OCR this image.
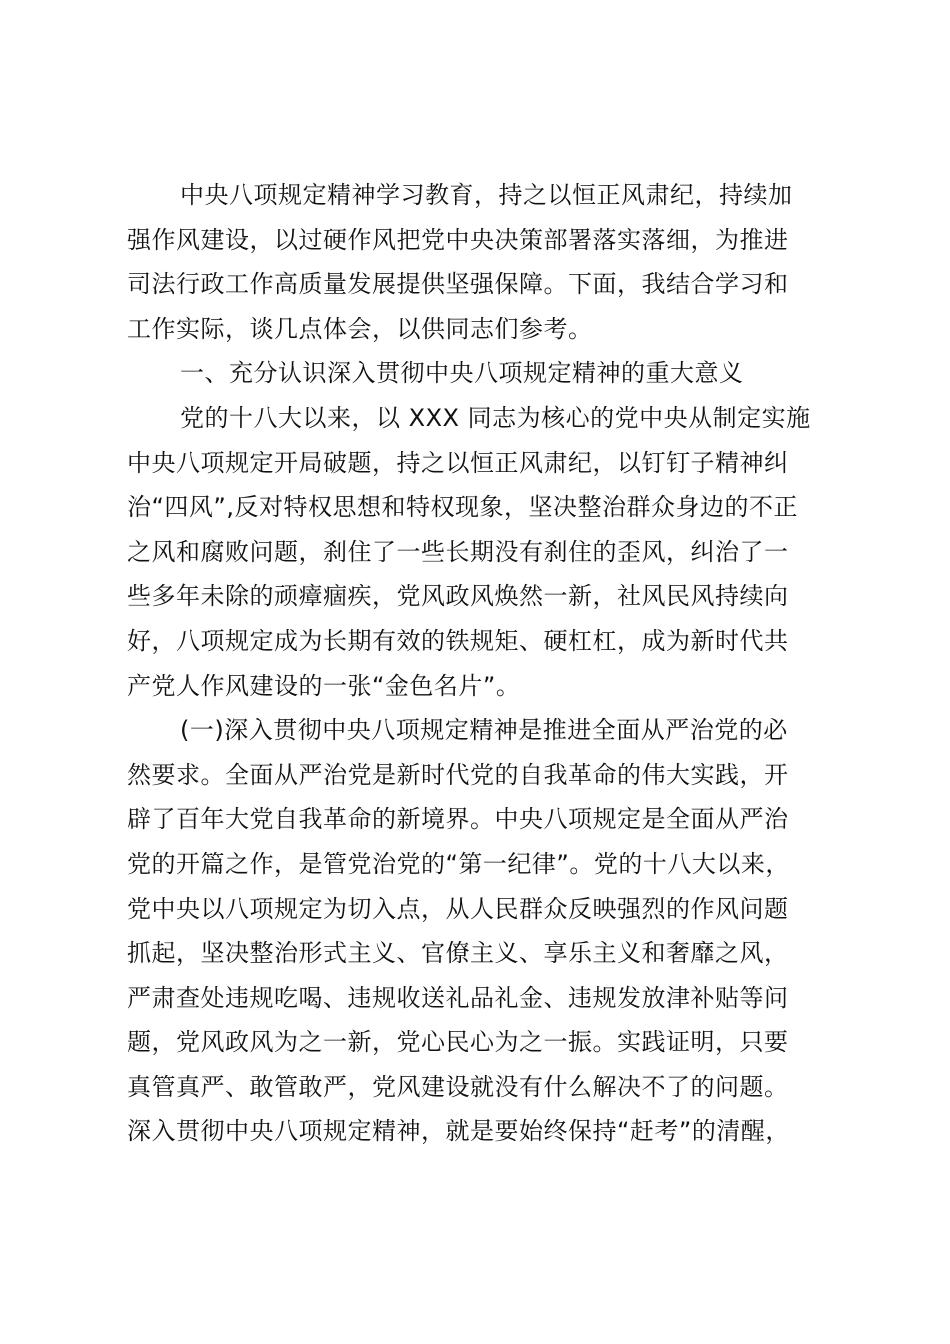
中央八项规定精神学习教育，持之以恒正风肃纪，持续加
强作风建设，以过硬作风把党中央决策部署落实落细，为推进
司法行政工作高质量发展提供坚强保障。下面，我结合学习和
工作实际，谈几点体会，以供同志们参考。
一、充分认识深入贯彻中央八项规定精神的重大意义
党的十八大以来，以 XXX 同志为核心的党中央从制定实施
中央八项规定开局破题，持之以恒正风肃纪，以钉钉子精神纠
治“四风”,反对特权思想和特权现象，坚决整治群众身边的不正
之风和腐败问题，刹住了一些长期没有刹住的歪风，纠治了一
些多年未除的顽瘴痼疾，党风政风焕然一新，社风民风持续向
好，八项规定成为长期有效的铁规矩、硬杠杠，成为新时代共
产党人作风建设的一张“金色名片”。
(一)深入贯彻中央八项规定精神是推进全面从严治党的必
然要求。全面从严治党是新时代党的自我革命的伟大实践，开
辟了百年大党自我革命的新境界。中央八项规定是全面从严治
党的开篇之作，是管党治党的“第一纪律”。党的十八大以来，
党中央以八项规定为切入点，从人民群众反映强烈的作风问题
抓起，坚决整治形式主义、官僚主义、享乐主义和奢靡之风，
严肃查处违规吃喝、违规收送礼品礼金、违规发放津补贴等问
题，党风政风为之一新，党心民心为之一振。实践证明，只要
真管真严、敢管敢严，党风建设就没有什么解决不了的问题。
深入贯彻中央八项规定精神，就是要始终保持“赶考”的清醒，
